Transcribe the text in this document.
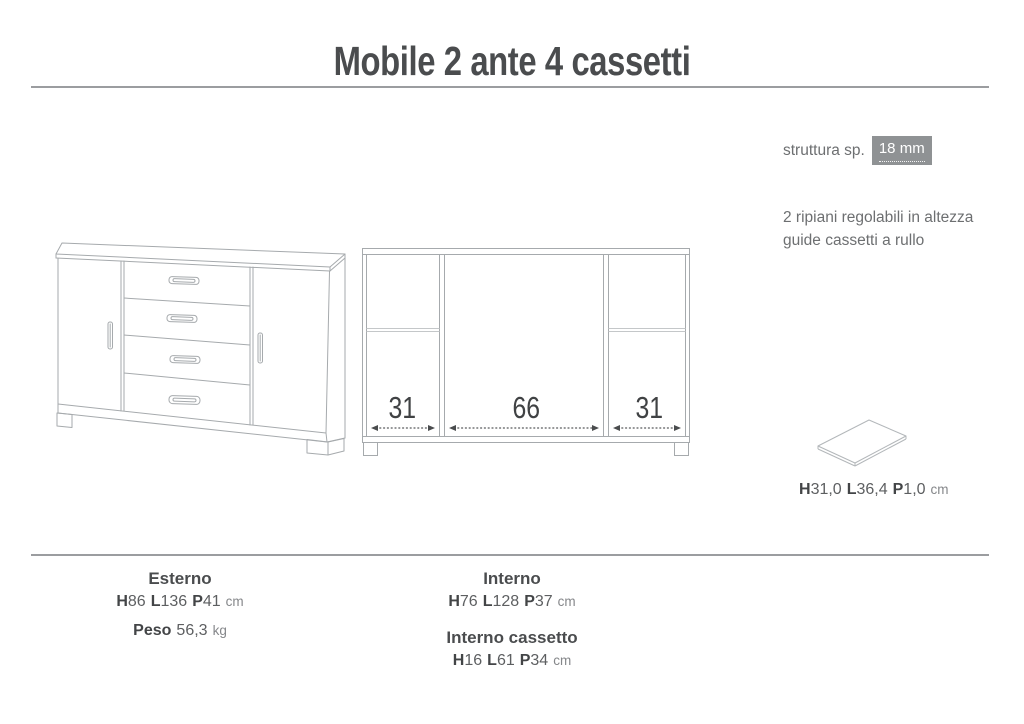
Mobile 2 ante 4 cassetti
31	66	31
struttura sp. 18 mm
2 ripiani regolabili in altezza
guide cassetti a rullo
H31,0 L36,4 P1,0 cm
Esterno
H86 L136 P41 cm
Peso 56,3 kg
Interno
H76 L128 P37 cm
Interno cassetto
H16 L61 P34 cm
